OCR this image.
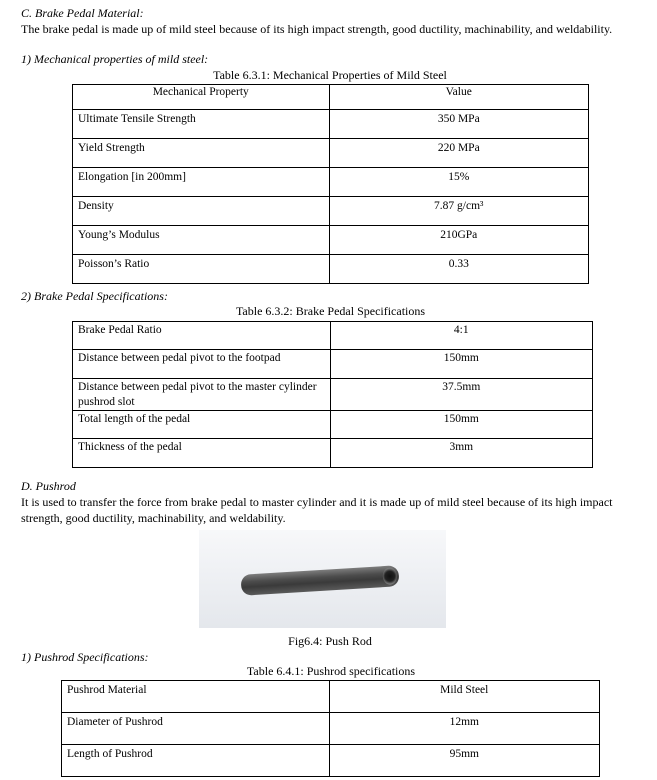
C. Brake Pedal Material:
The brake pedal is made up of mild steel because of its high impact strength, good ductility, machinability, and weldability.
1) Mechanical properties of mild steel:
Table 6.3.1: Mechanical Properties of Mild Steel
Mechanical Property	Value
Ultimate Tensile Strength	350 MPa
Yield Strength	220 MPa
Elongation [in 200mm]	15%
Density	7.87 g/cm³
Young’s Modulus	210GPa
Poisson’s Ratio	0.33
2) Brake Pedal Specifications:
Table 6.3.2: Brake Pedal Specifications
Brake Pedal Ratio	4:1
Distance between pedal pivot to the footpad	150mm
Distance between pedal pivot to the master cylinder pushrod slot	37.5mm
Total length of the pedal	150mm
Thickness of the pedal	3mm
D. Pushrod
It is used to transfer the force from brake pedal to master cylinder and it is made up of mild steel because of its high impact strength, good ductility, machinability, and weldability.
Fig6.4: Push Rod
1) Pushrod Specifications:
Table 6.4.1: Pushrod specifications
Pushrod Material	Mild Steel
Diameter of Pushrod	12mm
Length of Pushrod	95mm
